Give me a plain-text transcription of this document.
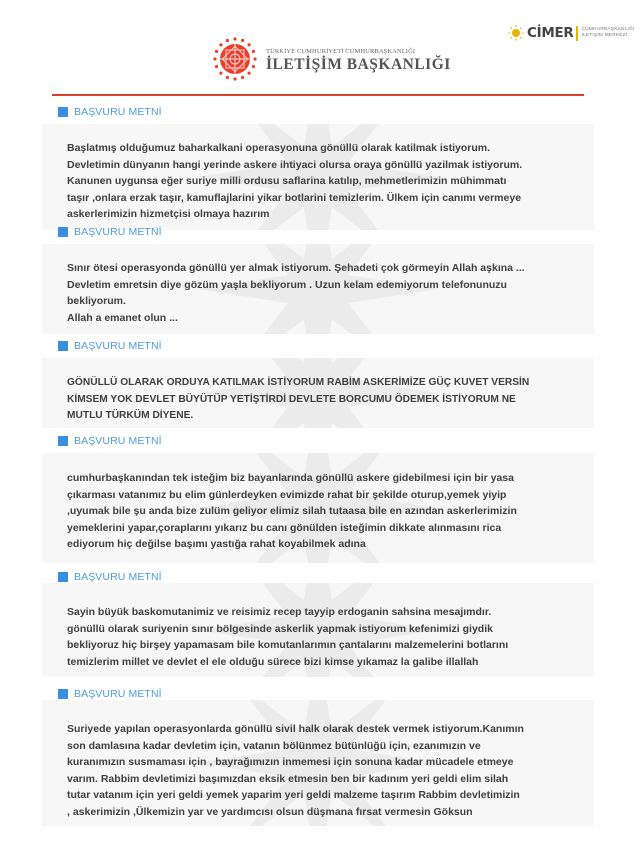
TÜRKİYE CUMHURİYETİ CUMHURBAŞKANLIĞI
İLETİŞİM BAŞKANLIĞI
CİMER CUMHURBAŞKANLIĞI
İLETİŞİM MERKEZİ
BAŞVURU METNİ

Başlatmış olduğumuz baharkalkani operasyonuna gönüllü olarak katilmak istiyorum.

Devletimin dünyanın hangi yerinde askere ihtiyaci olursa oraya gönüllü yazilmak istiyorum.

Kanunen uygunsa eğer suriye milli ordusu saflarina katılıp, mehmetlerimizin mühimmatı

taşır ,onlara erzak taşır, kamuflajlarini yikar botlarini temizlerim. Ülkem için canımı vermeye

askerlerimizin hizmetçisi olmaya hazırım

BAŞVURU METNİ

Sınır ötesi operasyonda gönüllü yer almak istiyorum. Şehadeti çok görmeyin Allah aşkına ...

Devletim emretsin diye gözüm yaşla bekliyorum . Uzun kelam edemiyorum telefonunuzu

bekliyorum.

Allah a emanet olun ...

BAŞVURU METNİ

GÖNÜLLÜ OLARAK ORDUYA KATILMAK İSTİYORUM RABİM ASKERİMİZE GÜÇ KUVET VERSİN

KİMSEM YOK DEVLET BÜYÜTÜP YETİŞTİRDİ DEVLETE BORCUMU ÖDEMEK İSTİYORUM NE

MUTLU TÜRKÜM DİYENE.

BAŞVURU METNİ

cumhurbaşkanından tek isteğim biz bayanlarında gönüllü askere gidebilmesi için bir yasa

çıkarması vatanımız bu elim günlerdeyken evimizde rahat bir şekilde oturup,yemek yiyip

,uyumak bile şu anda bize zulüm geliyor elimiz silah tutaasa bile en azından askerlerimizin

yemeklerini yapar,çoraplarını yıkarız bu canı gönülden isteğimin dikkate alınmasını rica

ediyorum hiç değilse başımı yastığa rahat koyabilmek adına

BAŞVURU METNİ

Sayin büyük baskomutanimiz ve reisimiz recep tayyip erdoganin sahsina mesajımdır.

gönüllü olarak suriyenin sınır bölgesinde askerlik yapmak istiyorum kefenimizi giydik

bekliyoruz hiç birşey yapamasam bile komutanlarımın çantalarını malzemelerini botlarını

temizlerim millet ve devlet el ele olduğu sürece bizi kimse yıkamaz la galibe illallah

BAŞVURU METNİ

Suriyede yapılan operasyonlarda gönüllü sivil halk olarak destek vermek istiyorum.Kanımın

son damlasına kadar devletim için, vatanın bölünmez bütünlüğü için, ezanımızın ve

kuranımızın susmaması için , bayrağımızın inmemesi için sonuna kadar mücadele etmeye

varım. Rabbim devletimizi başımızdan eksik etmesin ben bir kadınım yeri geldi elim silah

tutar vatanım için yeri geldi yemek yaparim yeri geldi malzeme taşırım Rabbim devletimizin

, askerimizin ,Ülkemizin yar ve yardımcısı olsun düşmana fırsat vermesin Göksun
